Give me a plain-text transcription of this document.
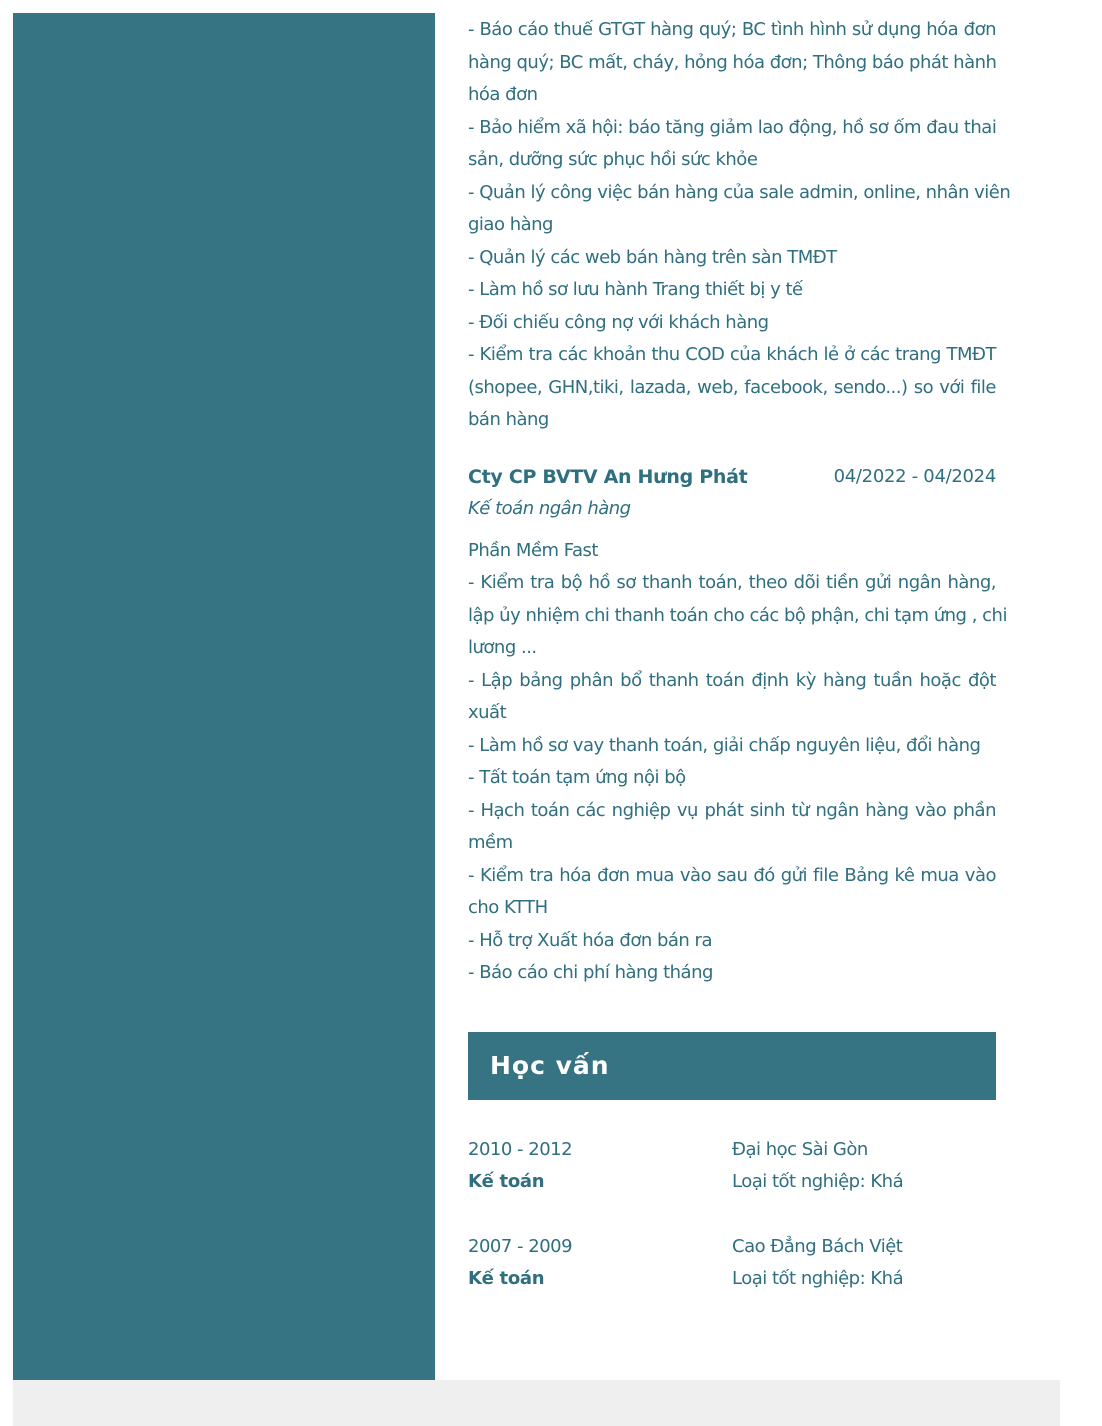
- Báo cáo thuế GTGT hàng quý; BC tình hình sử dụng hóa đơn
hàng quý; BC mất, cháy, hỏng hóa đơn; Thông báo phát hành
hóa đơn
- Bảo hiểm xã hội: báo tăng giảm lao động, hồ sơ ốm đau thai
sản, dưỡng sức phục hồi sức khỏe
- Quản lý công việc bán hàng của sale admin, online, nhân viên
giao hàng
- Quản lý các web bán hàng trên sàn TMĐT
- Làm hồ sơ lưu hành Trang thiết bị y tế
- Đối chiếu công nợ với khách hàng
- Kiểm tra các khoản thu COD của khách lẻ ở các trang TMĐT
(shopee, GHN,tiki, lazada, web, facebook, sendo...) so với file
bán hàng
Cty CP BVTV An Hưng Phát	04/2022 - 04/2024
Kế toán ngân hàng
Phần Mềm Fast
- Kiểm tra bộ hồ sơ thanh toán, theo dõi tiền gửi ngân hàng,
lập ủy nhiệm chi thanh toán cho các bộ phận, chi tạm ứng , chi
lương ...
- Lập bảng phân bổ thanh toán định kỳ hàng tuần hoặc đột
xuất
- Làm hồ sơ vay thanh toán, giải chấp nguyên liệu, đổi hàng
- Tất toán tạm ứng nội bộ
- Hạch toán các nghiệp vụ phát sinh từ ngân hàng vào phần
mềm
- Kiểm tra hóa đơn mua vào sau đó gửi file Bảng kê mua vào
cho KTTH
- Hỗ trợ Xuất hóa đơn bán ra
- Báo cáo chi phí hàng tháng
Học vấn
2010 - 2012
Kế toán
Đại học Sài Gòn
Loại tốt nghiệp: Khá
2007 - 2009
Kế toán
Cao Đẳng Bách Việt
Loại tốt nghiệp: Khá
